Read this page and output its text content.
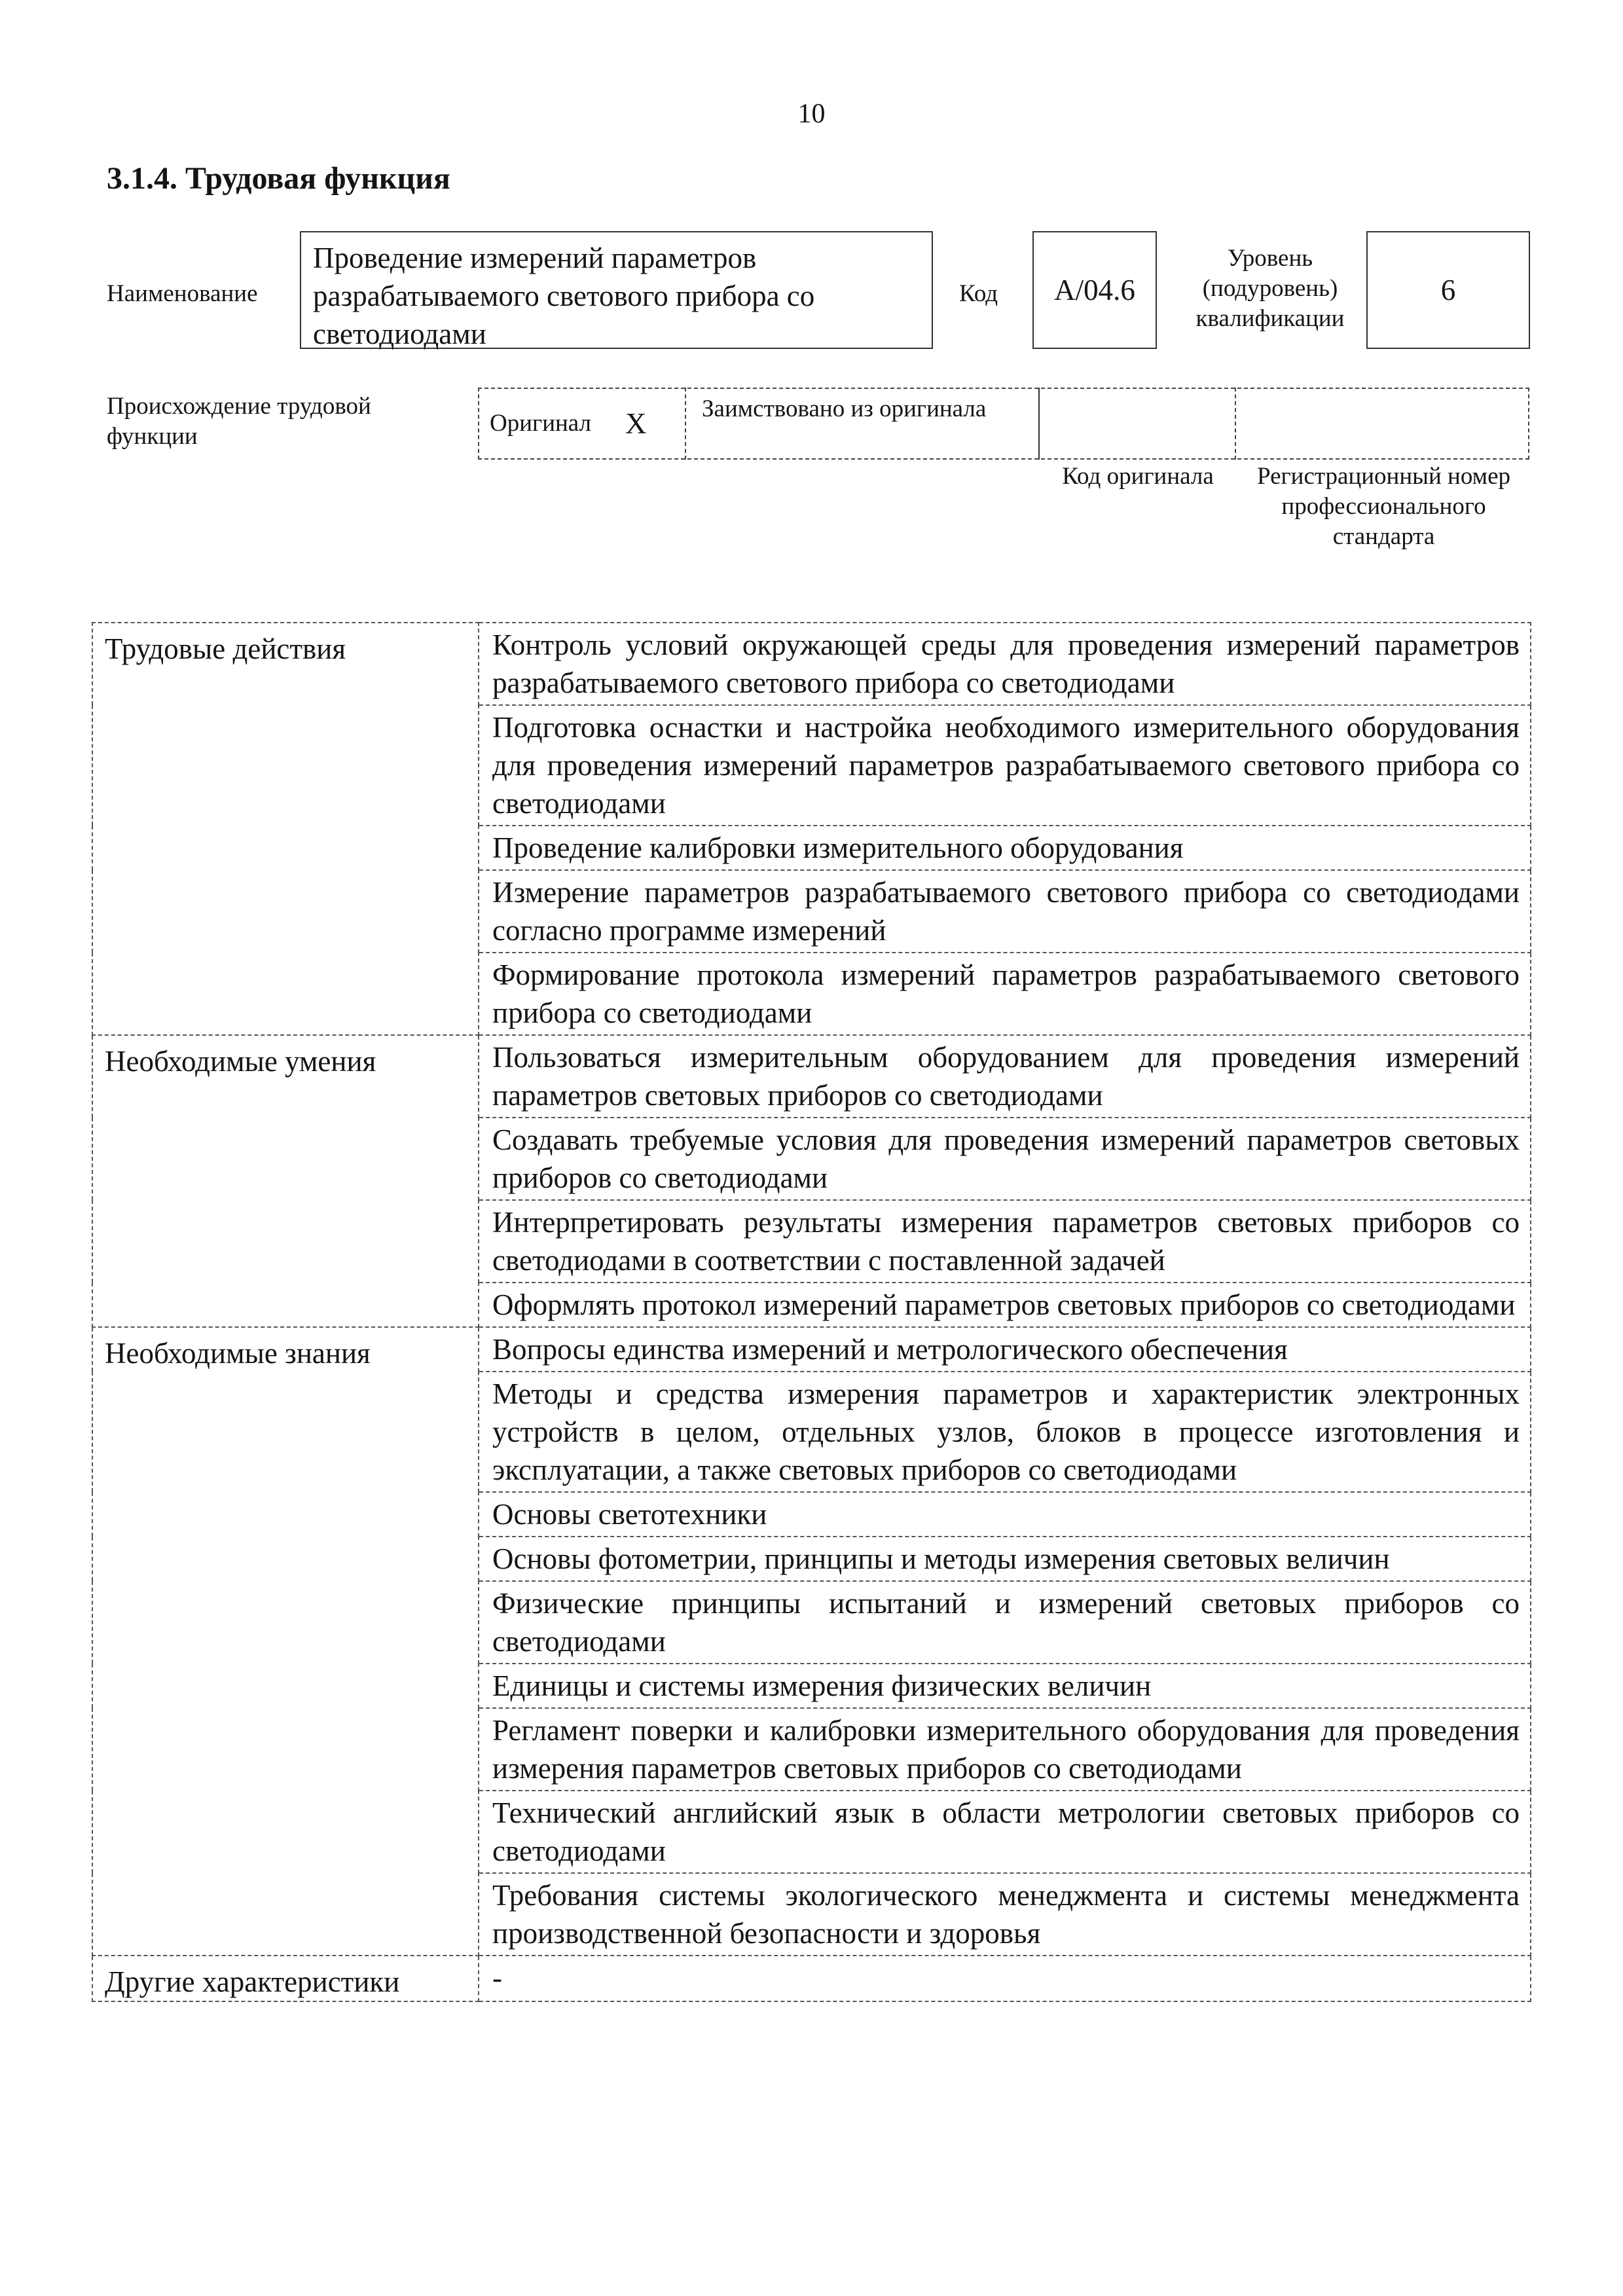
10
3.1.4. Трудовая функция
Наименование
Проведение измерений параметров разрабатываемого светового прибора со светодиодами
Код	A/04.6
Уровень (подуровень) квалификации
6
Происхождение трудовой функции	Оригинал X	Заимствовано из оригинала
Код оригинала	Регистрационный номер профессионального стандарта
Трудовые действия	Контроль условий окружающей среды для проведения измерений параметров разрабатываемого светового прибора со светодиодами
	Подготовка оснастки и настройка необходимого измерительного оборудования для проведения измерений параметров разрабатываемого светового прибора со светодиодами
	Проведение калибровки измерительного оборудования
	Измерение параметров разрабатываемого светового прибора со светодиодами согласно программе измерений
	Формирование протокола измерений параметров разрабатываемого светового прибора со светодиодами
Необходимые умения	Пользоваться измерительным оборудованием для проведения измерений параметров световых приборов со светодиодами
	Создавать требуемые условия для проведения измерений параметров световых приборов со светодиодами
	Интерпретировать результаты измерения параметров световых приборов со светодиодами в соответствии с поставленной задачей
	Оформлять протокол измерений параметров световых приборов со светодиодами
Необходимые знания	Вопросы единства измерений и метрологического обеспечения
	Методы и средства измерения параметров и характеристик электронных устройств в целом, отдельных узлов, блоков в процессе изготовления и эксплуатации, а также световых приборов со светодиодами
	Основы светотехники
	Основы фотометрии, принципы и методы измерения световых величин
	Физические принципы испытаний и измерений световых приборов со светодиодами
	Единицы и системы измерения физических величин
	Регламент поверки и калибровки измерительного оборудования для проведения измерения параметров световых приборов со светодиодами
	Технический английский язык в области метрологии световых приборов со светодиодами
	Требования системы экологического менеджмента и системы менеджмента производственной безопасности и здоровья
Другие характеристики	-
